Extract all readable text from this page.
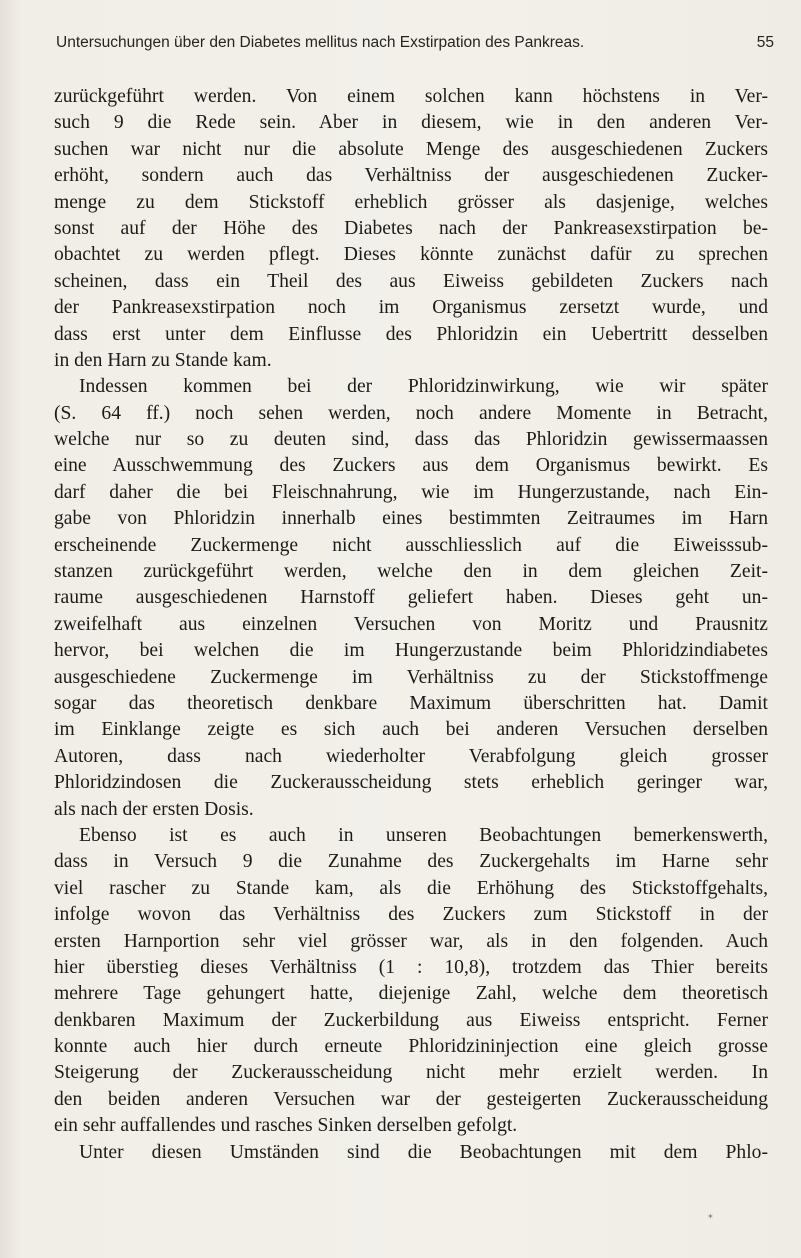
Untersuchungen über den Diabetes mellitus nach Exstirpation des Pankreas.	55
zurückgeführt werden. Von einem solchen kann höchstens in Ver-
such 9 die Rede sein. Aber in diesem, wie in den anderen Ver-
suchen war nicht nur die absolute Menge des ausgeschiedenen Zuckers
erhöht, sondern auch das Verhältniss der ausgeschiedenen Zucker-
menge zu dem Stickstoff erheblich grösser als dasjenige, welches
sonst auf der Höhe des Diabetes nach der Pankreasexstirpation be-
obachtet zu werden pflegt. Dieses könnte zunächst dafür zu sprechen
scheinen, dass ein Theil des aus Eiweiss gebildeten Zuckers nach
der Pankreasexstirpation noch im Organismus zersetzt wurde, und
dass erst unter dem Einflusse des Phloridzin ein Uebertritt desselben
in den Harn zu Stande kam.
Indessen kommen bei der Phloridzinwirkung, wie wir später
(S. 64 ff.) noch sehen werden, noch andere Momente in Betracht,
welche nur so zu deuten sind, dass das Phloridzin gewissermaassen
eine Ausschwemmung des Zuckers aus dem Organismus bewirkt. Es
darf daher die bei Fleischnahrung, wie im Hungerzustande, nach Ein-
gabe von Phloridzin innerhalb eines bestimmten Zeitraumes im Harn
erscheinende Zuckermenge nicht ausschliesslich auf die Eiweisssub-
stanzen zurückgeführt werden, welche den in dem gleichen Zeit-
raume ausgeschiedenen Harnstoff geliefert haben. Dieses geht un-
zweifelhaft aus einzelnen Versuchen von Moritz und Prausnitz
hervor, bei welchen die im Hungerzustande beim Phloridzindiabetes
ausgeschiedene Zuckermenge im Verhältniss zu der Stickstoffmenge
sogar das theoretisch denkbare Maximum überschritten hat. Damit
im Einklange zeigte es sich auch bei anderen Versuchen derselben
Autoren, dass nach wiederholter Verabfolgung gleich grosser
Phloridzindosen die Zuckerausscheidung stets erheblich geringer war,
als nach der ersten Dosis.
Ebenso ist es auch in unseren Beobachtungen bemerkenswerth,
dass in Versuch 9 die Zunahme des Zuckergehalts im Harne sehr
viel rascher zu Stande kam, als die Erhöhung des Stickstoffgehalts,
infolge wovon das Verhältniss des Zuckers zum Stickstoff in der
ersten Harnportion sehr viel grösser war, als in den folgenden. Auch
hier überstieg dieses Verhältniss (1 : 10,8), trotzdem das Thier bereits
mehrere Tage gehungert hatte, diejenige Zahl, welche dem theoretisch
denkbaren Maximum der Zuckerbildung aus Eiweiss entspricht. Ferner
konnte auch hier durch erneute Phloridzininjection eine gleich grosse
Steigerung der Zuckerausscheidung nicht mehr erzielt werden. In
den beiden anderen Versuchen war der gesteigerten Zuckerausscheidung
ein sehr auffallendes und rasches Sinken derselben gefolgt.
Unter diesen Umständen sind die Beobachtungen mit dem Phlo-
✶
